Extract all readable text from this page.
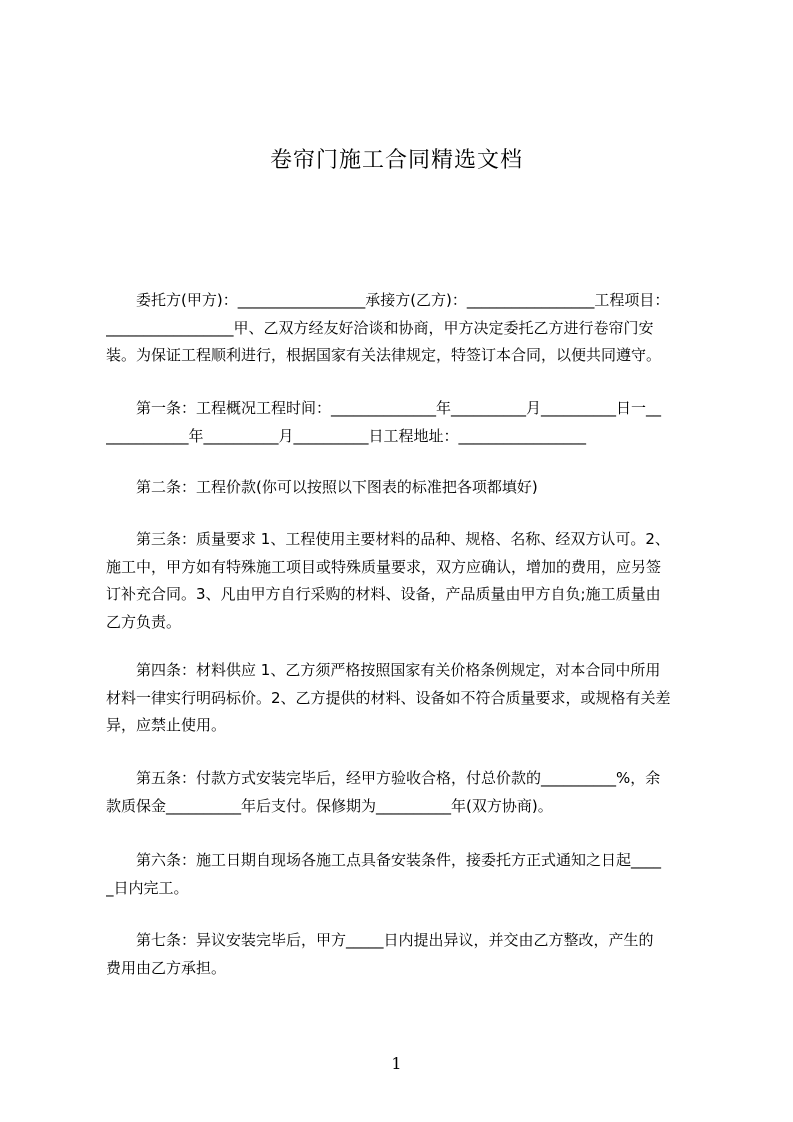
卷帘门施工合同精选文档

　　委托方(甲方)：_________________承接方(乙方)：_________________工程项目：
_________________甲、乙双方经友好洽谈和协商，甲方决定委托乙方进行卷帘门安
装。为保证工程顺利进行，根据国家有关法律规定，特签订本合同，以便共同遵守。

　　第一条：工程概况工程时间：______________年__________月__________日一__
___________年__________月__________日工程地址：_________________

　　第二条：工程价款(你可以按照以下图表的标准把各项都填好)

　　第三条：质量要求 1、工程使用主要材料的品种、规格、名称、经双方认可。2、
施工中，甲方如有特殊施工项目或特殊质量要求，双方应确认，增加的费用，应另签
订补充合同。3、凡由甲方自行采购的材料、设备，产品质量由甲方自负;施工质量由
乙方负责。

　　第四条：材料供应 1、乙方须严格按照国家有关价格条例规定，对本合同中所用
材料一律实行明码标价。2、乙方提供的材料、设备如不符合质量要求，或规格有关差
异，应禁止使用。

　　第五条：付款方式安装完毕后，经甲方验收合格，付总价款的__________%，余
款质保金__________年后支付。保修期为__________年(双方协商)。

　　第六条：施工日期自现场各施工点具备安装条件，接委托方正式通知之日起____
_日内完工。

　　第七条：异议安装完毕后，甲方_____日内提出异议，并交由乙方整改，产生的
费用由乙方承担。

1
